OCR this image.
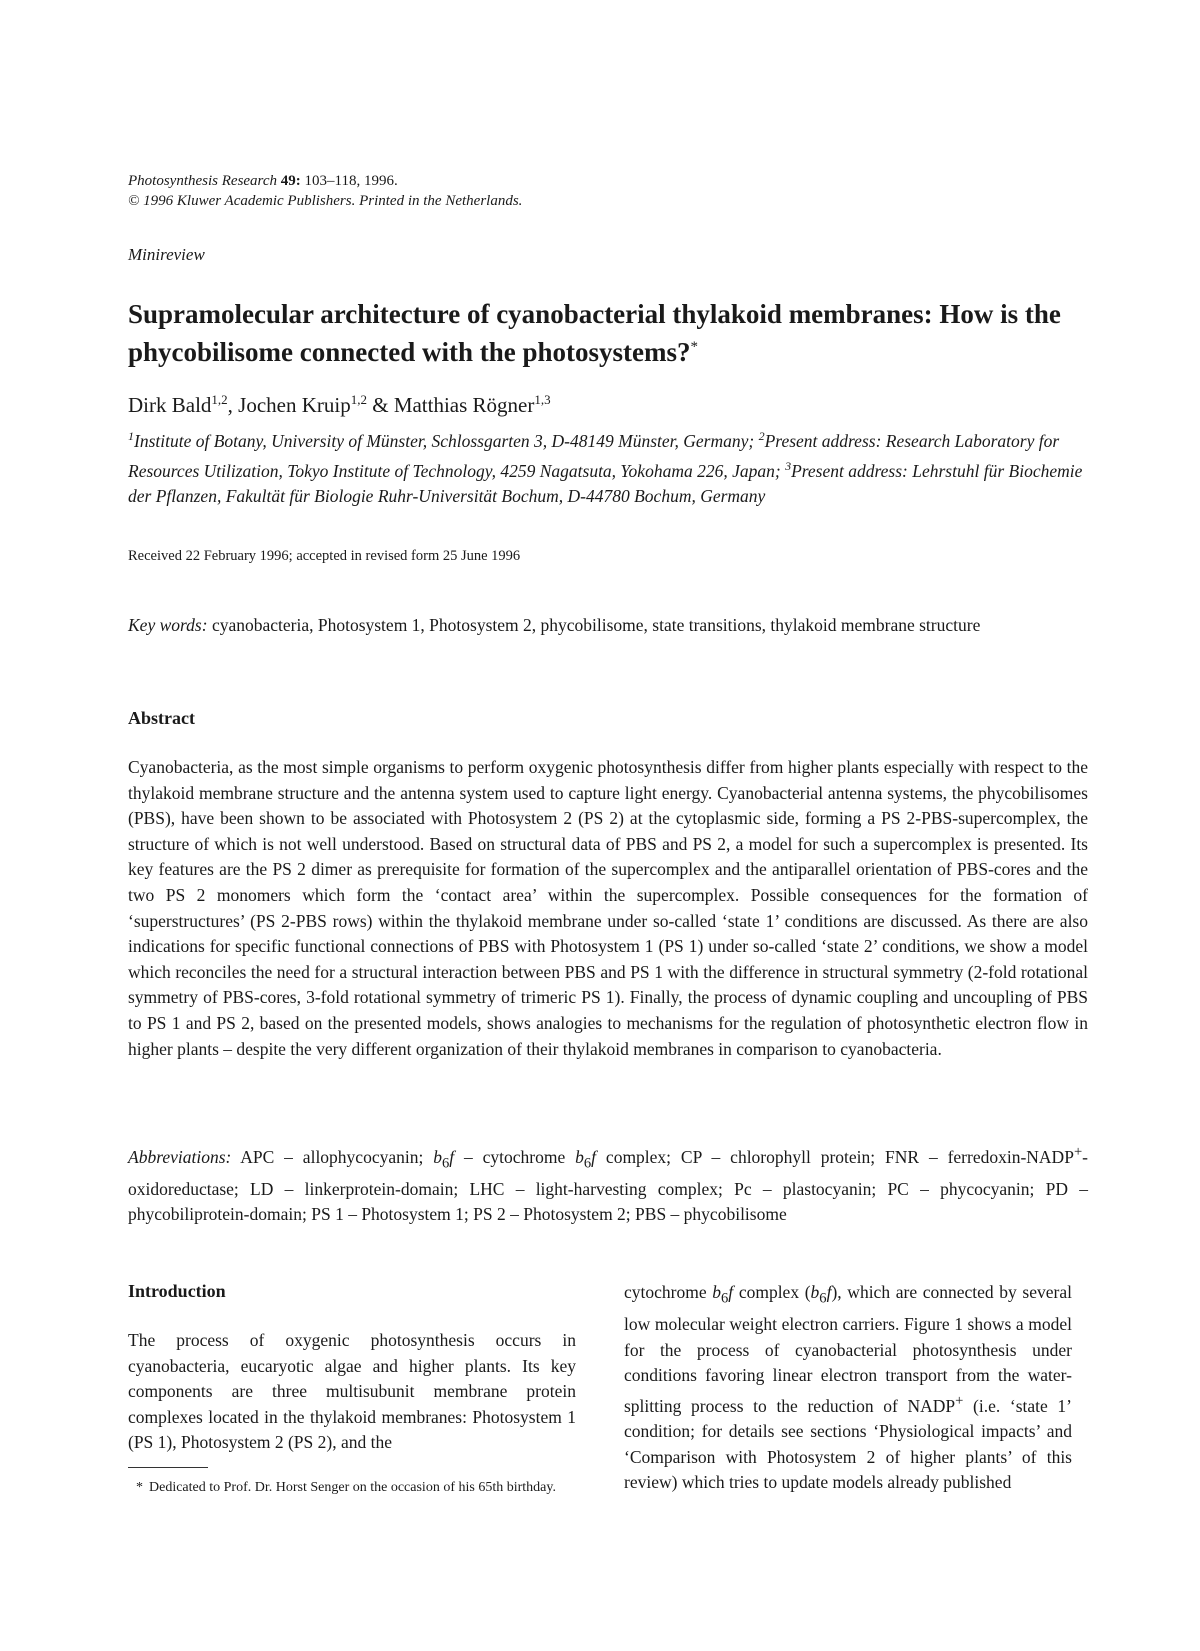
Photosynthesis Research 49: 103–118, 1996.
© 1996 Kluwer Academic Publishers. Printed in the Netherlands.
Minireview
Supramolecular architecture of cyanobacterial thylakoid membranes: How is the phycobilisome connected with the photosystems?*
Dirk Bald$^{1,2}$, Jochen Kruip$^{1,2}$ & Matthias Rögner$^{1,3}$
$^1$Institute of Botany, University of Münster, Schlossgarten 3, D-48149 Münster, Germany; $^2$Present address: Research Laboratory for Resources Utilization, Tokyo Institute of Technology, 4259 Nagatsuta, Yokohama 226, Japan; $^3$Present address: Lehrstuhl für Biochemie der Pflanzen, Fakultät für Biologie Ruhr-Universität Bochum, D-44780 Bochum, Germany
Received 22 February 1996; accepted in revised form 25 June 1996
Key words: cyanobacteria, Photosystem 1, Photosystem 2, phycobilisome, state transitions, thylakoid membrane structure
Abstract

Cyanobacteria, as the most simple organisms to perform oxygenic photosynthesis differ from higher plants especially with respect to the thylakoid membrane structure and the antenna system used to capture light energy. Cyanobacterial antenna systems, the phycobilisomes (PBS), have been shown to be associated with Photosystem 2 (PS 2) at the cytoplasmic side, forming a PS 2-PBS-supercomplex, the structure of which is not well understood. Based on structural data of PBS and PS 2, a model for such a supercomplex is presented. Its key features are the PS 2 dimer as prerequisite for formation of the supercomplex and the antiparallel orientation of PBS-cores and the two PS 2 monomers which form the ‘contact area’ within the supercomplex. Possible consequences for the formation of ‘superstructures’ (PS 2-PBS rows) within the thylakoid membrane under so-called ‘state 1’ conditions are discussed. As there are also indications for specific functional connections of PBS with Photosystem 1 (PS 1) under so-called ‘state 2’ conditions, we show a model which reconciles the need for a structural interaction between PBS and PS 1 with the difference in structural symmetry (2-fold rotational symmetry of PBS-cores, 3-fold rotational symmetry of trimeric PS 1). Finally, the process of dynamic coupling and uncoupling of PBS to PS 1 and PS 2, based on the presented models, shows analogies to mechanisms for the regulation of photosynthetic electron flow in higher plants – despite the very different organization of their thylakoid membranes in comparison to cyanobacteria.

Abbreviations: APC – allophycocyanin; $b_6f$ – cytochrome $b_6f$ complex; CP – chlorophyll protein; FNR – ferredoxin-NADP+-oxidoreductase; LD – linkerprotein-domain; LHC – light-harvesting complex; Pc – plastocyanin; PC – phycocyanin; PD – phycobiliprotein-domain; PS 1 – Photosystem 1; PS 2 – Photosystem 2; PBS – phycobilisome

Introduction

The process of oxygenic photosynthesis occurs in cyanobacteria, eucaryotic algae and higher plants. Its key components are three multisubunit membrane protein complexes located in the thylakoid membranes: Photosystem 1 (PS 1), Photosystem 2 (PS 2), and the

cytochrome $b_6f$ complex $(b_6f)$, which are connected by several low molecular weight electron carriers. Figure 1 shows a model for the process of cyanobacterial photosynthesis under conditions favoring linear electron transport from the water-splitting process to the reduction of NADP+ (i.e. ‘state 1’ condition; for details see sections ‘Physiological impacts’ and ‘Comparison with Photosystem 2 of higher plants’ of this review) which tries to update models already published

* Dedicated to Prof. Dr. Horst Senger on the occasion of his 65th birthday.
